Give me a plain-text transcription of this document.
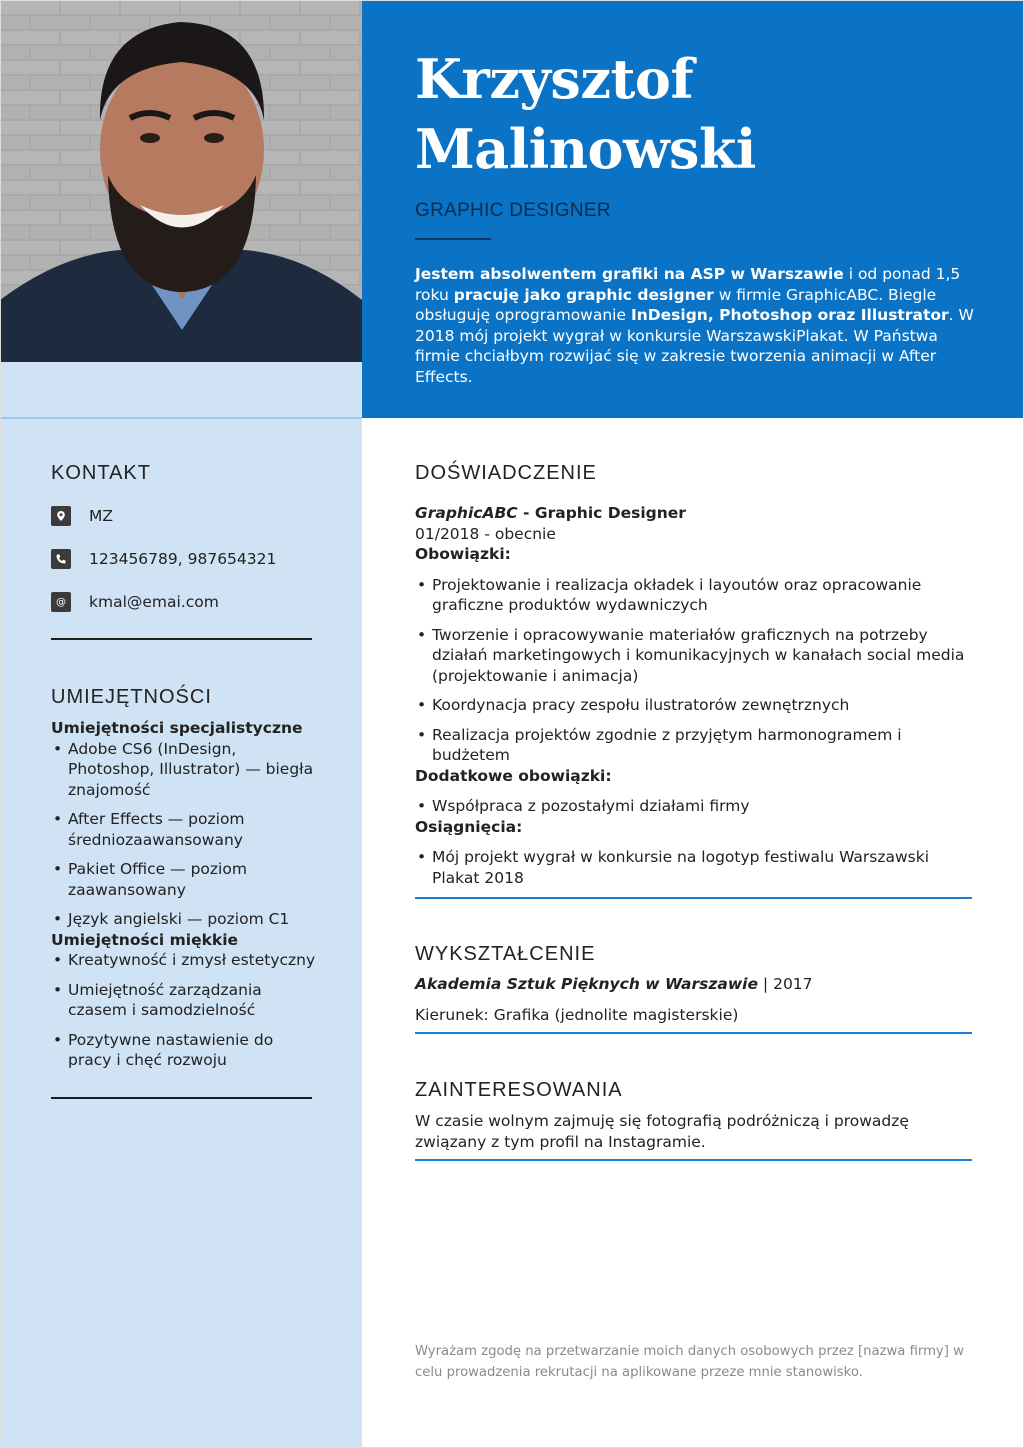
Krzysztof
Malinowski
GRAPHIC DESIGNER
Jestem absolwentem grafiki na ASP w Warszawie i od ponad 1,5 roku pracuję jako graphic designer w firmie GraphicABC. Biegle obsługuję oprogramowanie InDesign, Photoshop oraz Illustrator. W 2018 mój projekt wygrał w konkursie WarszawskiPlakat. W Państwa firmie chciałbym rozwijać się w zakresie tworzenia animacji w After Effects.
KONTAKT
MZ
123456789, 987654321
@	kmal@emai.com
UMIEJĘTNOŚCI
Umiejętności specjalistyczne
• Adobe CS6 (InDesign, Photoshop, Illustrator) — biegła znajomość
• After Effects — poziom średniozaawansowany
• Pakiet Office — poziom zaawansowany
• Język angielski — poziom C1
Umiejętności miękkie
• Kreatywność i zmysł estetyczny
• Umiejętność zarządzania czasem i samodzielność
• Pozytywne nastawienie do pracy i chęć rozwoju
DOŚWIADCZENIE
GraphicABC - Graphic Designer
01/2018 - obecnie
Obowiązki:
• Projektowanie i realizacja okładek i layoutów oraz opracowanie graficzne produktów wydawniczych
• Tworzenie i opracowywanie materiałów graficznych na potrzeby działań marketingowych i komunikacyjnych w kanałach social media (projektowanie i animacja)
• Koordynacja pracy zespołu ilustratorów zewnętrznych
• Realizacja projektów zgodnie z przyjętym harmonogramem i budżetem
Dodatkowe obowiązki:
• Współpraca z pozostałymi działami firmy
Osiągnięcia:
• Mój projekt wygrał w konkursie na logotyp festiwalu Warszawski Plakat 2018
WYKSZTAŁCENIE
Akademia Sztuk Pięknych w Warszawie | 2017
Kierunek: Grafika (jednolite magisterskie)
ZAINTERESOWANIA
W czasie wolnym zajmuję się fotografią podróżniczą i prowadzę związany z tym profil na Instagramie.
Wyrażam zgodę na przetwarzanie moich danych osobowych przez [nazwa firmy] w celu prowadzenia rekrutacji na aplikowane przeze mnie stanowisko.
